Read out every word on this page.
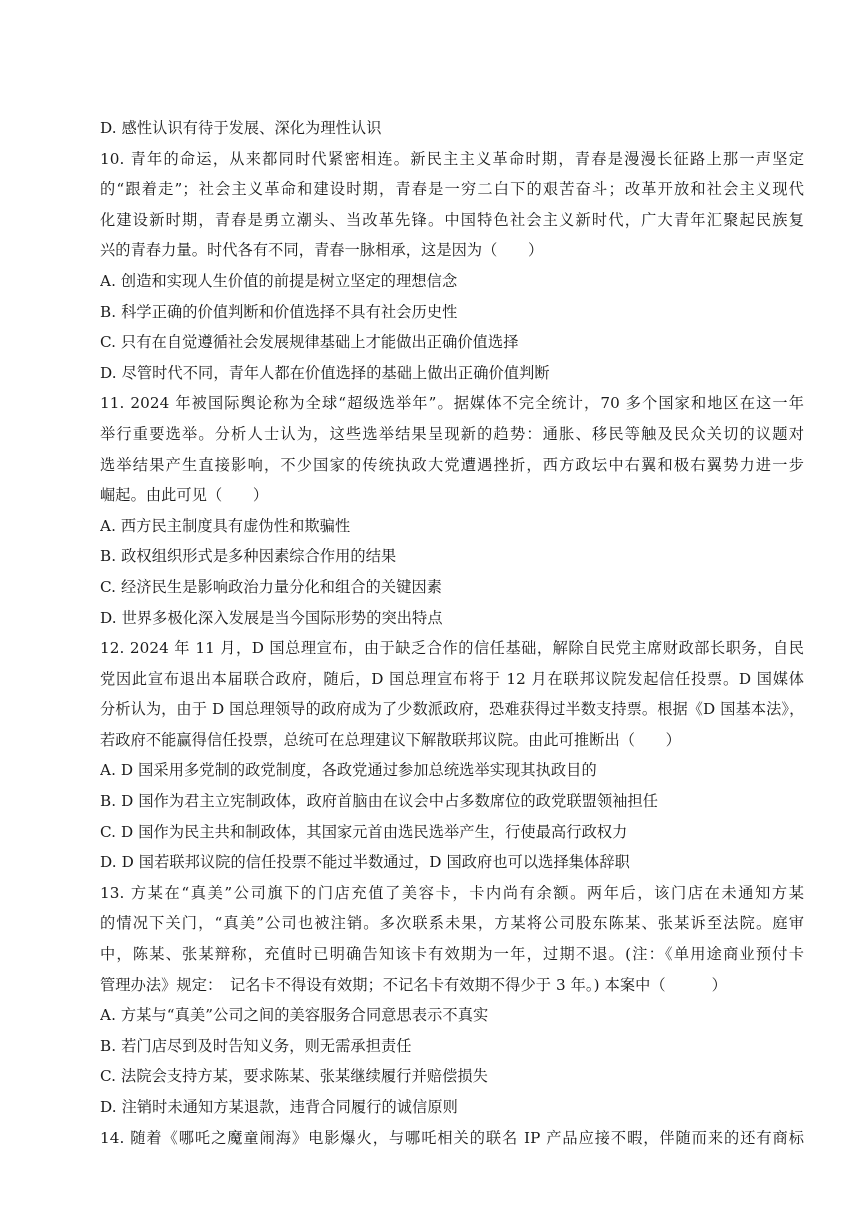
D. 感性认识有待于发展、深化为理性认识
10. 青年的命运，从来都同时代紧密相连。新民主主义革命时期，青春是漫漫长征路上那一声坚定
的“跟着走”；社会主义革命和建设时期，青春是一穷二白下的艰苦奋斗；改革开放和社会主义现代
化建设新时期，青春是勇立潮头、当改革先锋。中国特色社会主义新时代，广大青年汇聚起民族复
兴的青春力量。时代各有不同，青春一脉相承，这是因为（　　）
A. 创造和实现人生价值的前提是树立坚定的理想信念
B. 科学正确的价值判断和价值选择不具有社会历史性
C. 只有在自觉遵循社会发展规律基础上才能做出正确价值选择
D. 尽管时代不同，青年人都在价值选择的基础上做出正确价值判断
11. 2024 年被国际舆论称为全球“超级选举年”。据媒体不完全统计，70 多个国家和地区在这一年
举行重要选举。分析人士认为，这些选举结果呈现新的趋势：通胀、移民等触及民众关切的议题对
选举结果产生直接影响，不少国家的传统执政大党遭遇挫折，西方政坛中右翼和极右翼势力进一步
崛起。由此可见（　　）
A. 西方民主制度具有虚伪性和欺骗性
B. 政权组织形式是多种因素综合作用的结果
C. 经济民生是影响政治力量分化和组合的关键因素
D. 世界多极化深入发展是当今国际形势的突出特点
12. 2024 年 11 月，D 国总理宣布，由于缺乏合作的信任基础，解除自民党主席财政部长职务，自民
党因此宣布退出本届联合政府，随后，D 国总理宣布将于 12 月在联邦议院发起信任投票。D 国媒体
分析认为，由于 D 国总理领导的政府成为了少数派政府，恐难获得过半数支持票。根据《D 国基本法》，
若政府不能赢得信任投票，总统可在总理建议下解散联邦议院。由此可推断出（　　）
A. D 国采用多党制的政党制度，各政党通过参加总统选举实现其执政目的
B. D 国作为君主立宪制政体，政府首脑由在议会中占多数席位的政党联盟领袖担任
C. D 国作为民主共和制政体，其国家元首由选民选举产生，行使最高行政权力
D. D 国若联邦议院的信任投票不能过半数通过，D 国政府也可以选择集体辞职
13. 方某在“真美”公司旗下的门店充值了美容卡，卡内尚有余额。两年后，该门店在未通知方某
的情况下关门，“真美”公司也被注销。多次联系未果，方某将公司股东陈某、张某诉至法院。庭审
中，陈某、张某辩称，充值时已明确告知该卡有效期为一年，过期不退。(注：《单用途商业预付卡
管理办法》规定：　记名卡不得设有效期；不记名卡有效期不得少于 3 年。) 本案中（　　　）
A. 方某与“真美”公司之间的美容服务合同意思表示不真实
B. 若门店尽到及时告知义务，则无需承担责任
C. 法院会支持方某，要求陈某、张某继续履行并赔偿损失
D. 注销时未通知方某退款，违背合同履行的诚信原则
14. 随着《哪吒之魔童闹海》电影爆火，与哪吒相关的联名 IP 产品应接不暇，伴随而来的还有商标
